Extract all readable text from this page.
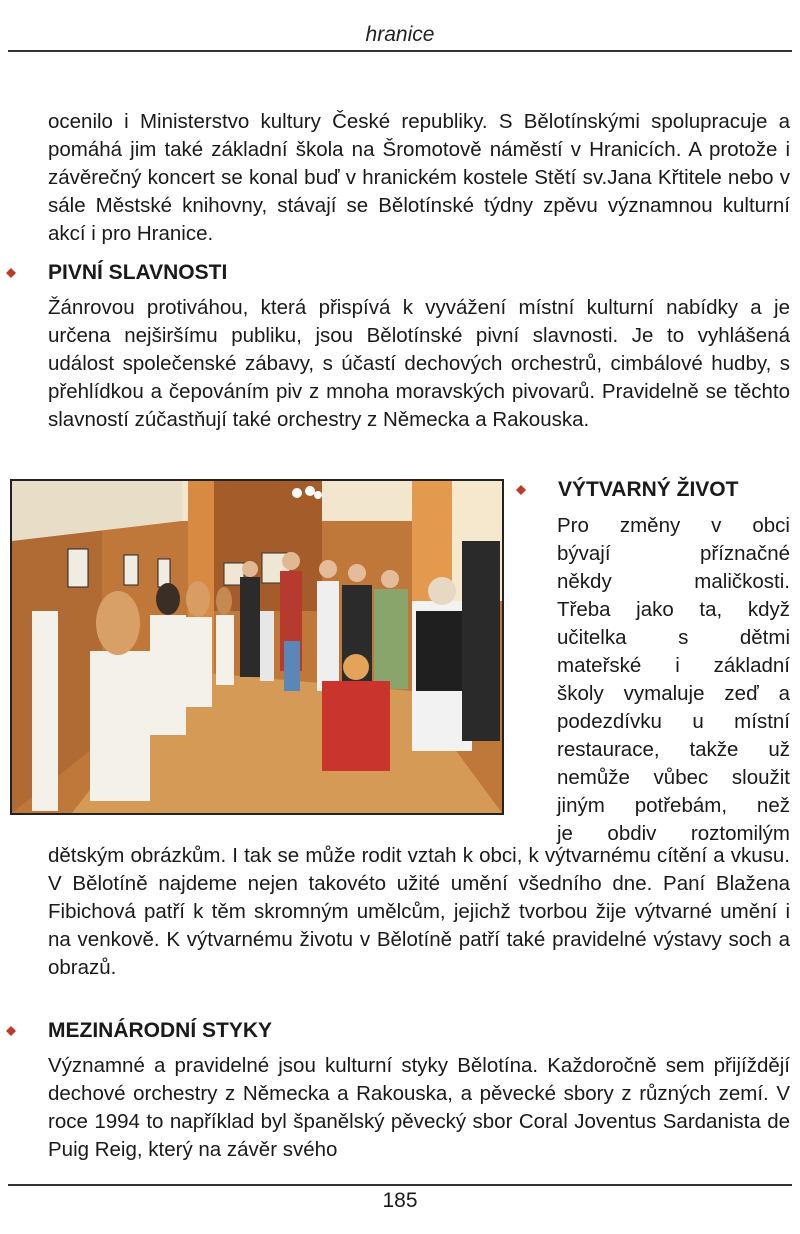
hranice

ocenilo i Ministerstvo kultury České republiky. S Bělotínskými spolupracuje a pomáhá jim také základní škola na Šromotově náměstí v Hranicích. A protože i závěrečný koncert se konal buď v hranickém kostele Stětí sv.Jana Křtitele nebo v sále Městské knihovny, stávají se Bělotínské týdny zpěvu významnou kulturní akcí i pro Hranice.

PIVNÍ SLAVNOSTI

Žánrovou protiváhou, která přispívá k vyvážení místní kulturní nabídky a je určena nejširšímu publiku, jsou Bělotínské pivní slavnosti. Je to vyhlášená událost společenské zábavy, s účastí dechových orchestrů, cimbálové hudby, s přehlídkou a čepováním piv z mnoha moravských pivovarů. Pravidelně se těchto slavností zúčastňují také orchestry z Německa a Rakouska.

VÝTVARNÝ ŽIVOT
Pro změny v obci
bývají příznačné
někdy maličkosti.
Třeba jako ta, když
učitelka s dětmi
mateřské i základní
školy vymaluje zeď a
podezdívku u místní
restaurace, takže už
nemůže vůbec sloužit
jiným potřebám, než
je obdiv roztomilým

dětským obrázkům. I tak se může rodit vztah k obci, k výtvarnému cítění a vkusu. V Bělotíně najdeme nejen takovéto užité umění všedního dne. Paní Blažena Fibichová patří k těm skromným umělcům, jejichž tvorbou žije výtvarné umění i na venkově. K výtvarnému životu v Bělotíně patří také pravidelné výstavy soch a obrazů.

MEZINÁRODNÍ STYKY

Významné a pravidelné jsou kulturní styky Bělotína. Každoročně sem přijíždějí dechové orchestry z Německa a Rakouska, a pěvecké sbory z různých zemí. V roce 1994 to například byl španělský pěvecký sbor Coral Joventus Sardanista de Puig Reig, který na závěr svého

185
